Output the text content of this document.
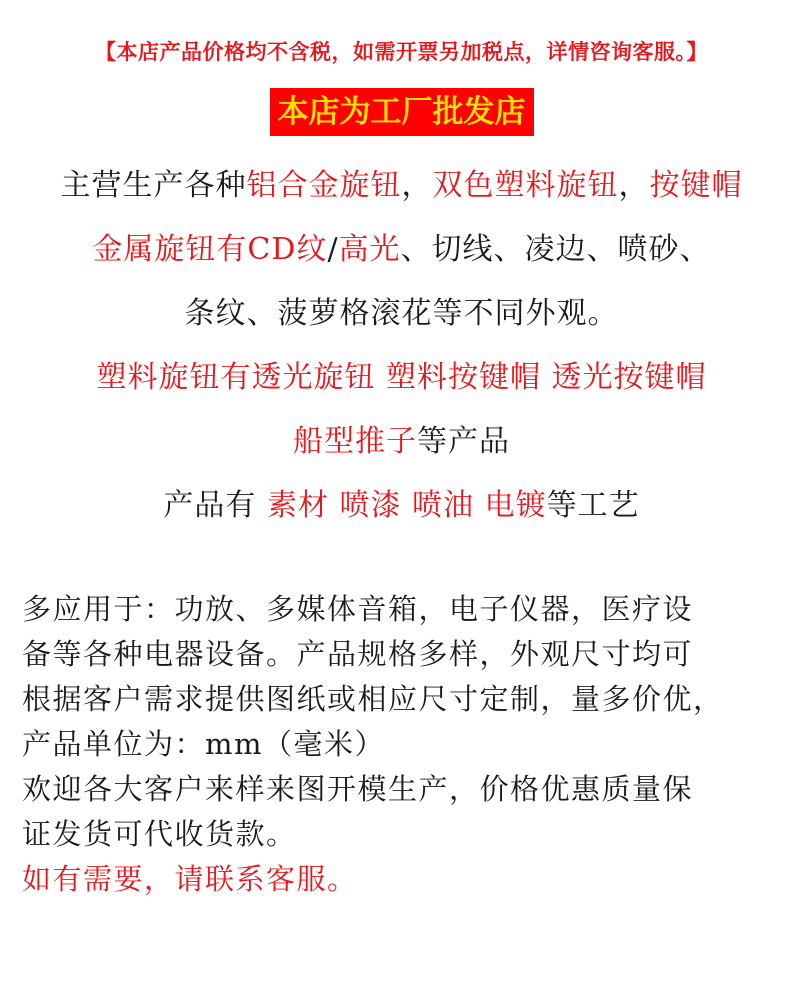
【本店产品价格均不含税，如需开票另加税点，详情咨询客服。】
本店为工厂批发店
主营生产各种铝合金旋钮，双色塑料旋钮，按键帽
金属旋钮有CD纹/高光、切线、凌边、喷砂、
条纹、菠萝格滚花等不同外观。
塑料旋钮有透光旋钮 塑料按键帽 透光按键帽
船型推子等产品
产品有 素材 喷漆 喷油 电镀等工艺
多应用于：功放、多媒体音箱，电子仪器，医疗设
备等各种电器设备。产品规格多样，外观尺寸均可
根据客户需求提供图纸或相应尺寸定制，量多价优，
产品单位为：mm（毫米）
欢迎各大客户来样来图开模生产，价格优惠质量保
证发货可代收货款。
如有需要，请联系客服。
